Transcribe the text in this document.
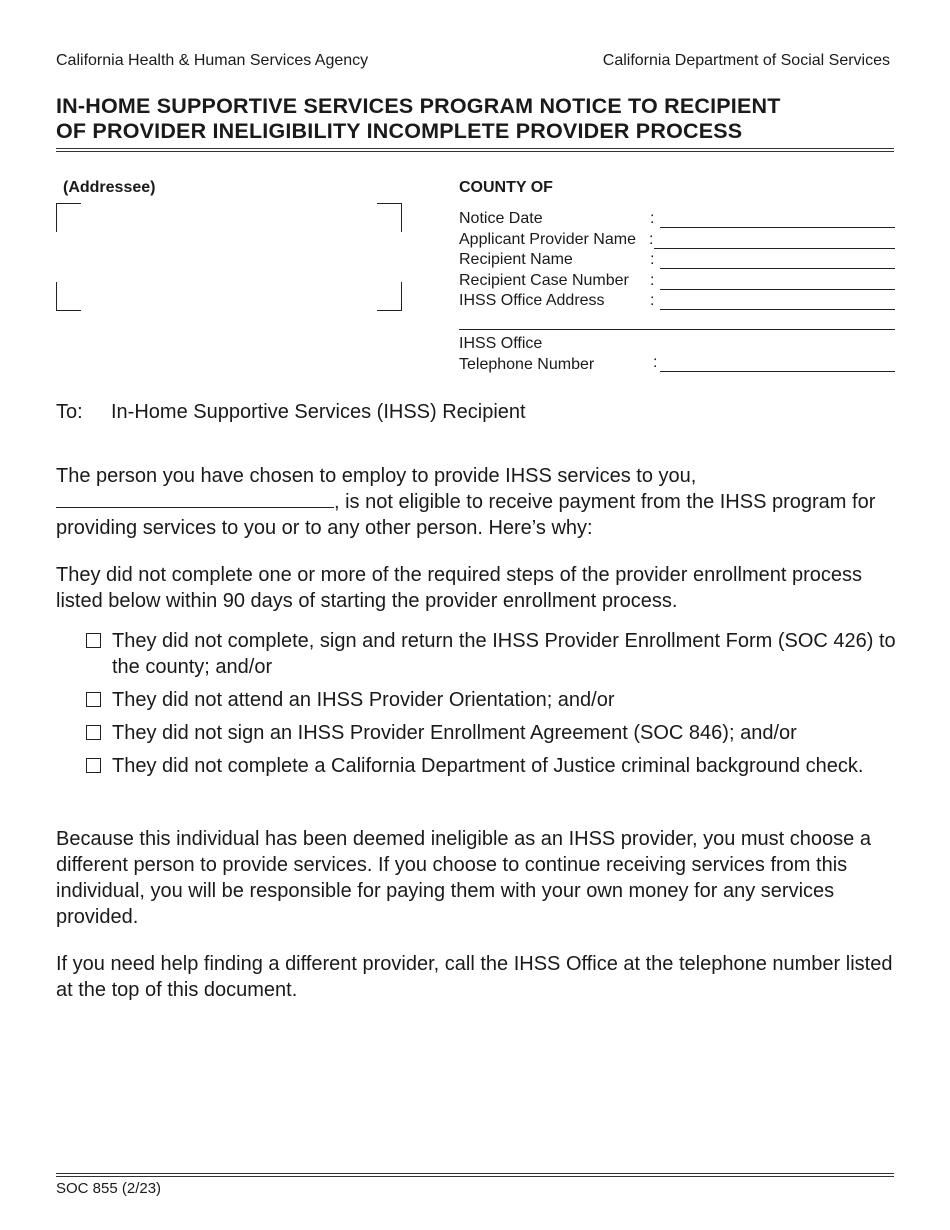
California Health & Human Services Agency	California Department of Social Services
IN-HOME SUPPORTIVE SERVICES PROGRAM NOTICE TO RECIPIENT
OF PROVIDER INELIGIBILITY INCOMPLETE PROVIDER PROCESS
(Addressee)	COUNTY OF
Notice Date	:
Applicant Provider Name :
Recipient Name	:
Recipient Case Number :
IHSS Office Address	:
IHSS Office
Telephone Number	:
To: In-Home Supportive Services (IHSS) Recipient

The person you have chosen to employ to provide IHSS services to you,
, is not eligible to receive payment from the IHSS program for providing services to you or to any other person. Here’s why:

They did not complete one or more of the required steps of the provider enrollment process listed below within 90 days of starting the provider enrollment process.

They did not complete, sign and return the IHSS Provider Enrollment Form (SOC 426) to the county; and/or
They did not attend an IHSS Provider Orientation; and/or
They did not sign an IHSS Provider Enrollment Agreement (SOC 846); and/or
They did not complete a California Department of Justice criminal background check.

Because this individual has been deemed ineligible as an IHSS provider, you must choose a different person to provide services. If you choose to continue receiving services from this individual, you will be responsible for paying them with your own money for any services provided.

If you need help finding a different provider, call the IHSS Office at the telephone number listed at the top of this document.

SOC 855 (2/23)
